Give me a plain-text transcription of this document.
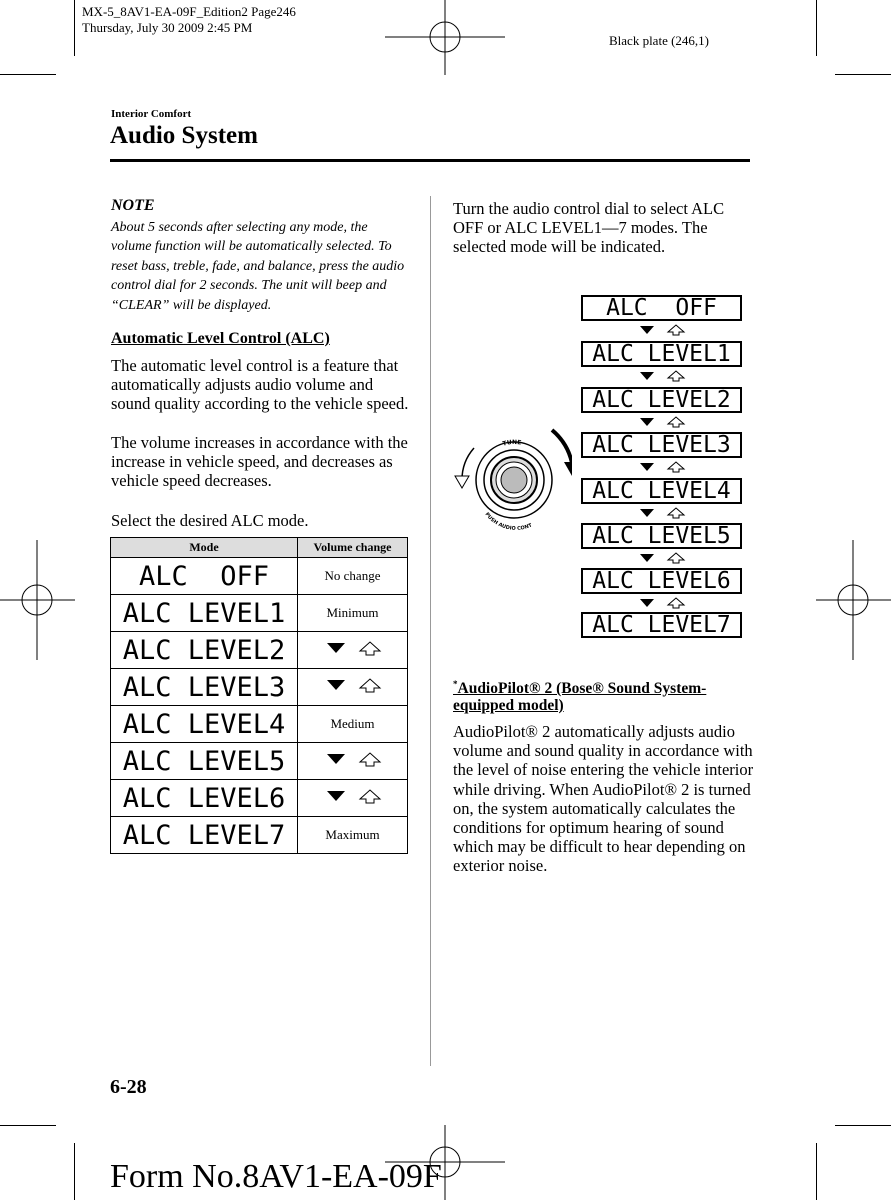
MX-5_8AV1-EA-09F_Edition2 Page246
Thursday, July 30 2009 2:45 PM
Black plate (246,1)
Interior Comfort
Audio System
NOTE
About 5 seconds after selecting any mode, the volume function will be automatically selected. To reset bass, treble, fade, and balance, press the audio control dial for 2 seconds. The unit will beep and “CLEAR” will be displayed.
Automatic Level Control (ALC)
The automatic level control is a feature that automatically adjusts audio volume and sound quality according to the vehicle speed.
The volume increases in accordance with the increase in vehicle speed, and decreases as vehicle speed decreases.
Select the desired ALC mode.
Mode	Volume change
ALC  OFF	No change
ALC LEVEL1	Minimum
ALC LEVEL2	
ALC LEVEL3	
ALC LEVEL4	Medium
ALC LEVEL5	
ALC LEVEL6	
ALC LEVEL7	Maximum
Turn the audio control dial to select ALC OFF or ALC LEVEL1—7 modes. The selected mode will be indicated.
ALC  OFF
ALC LEVEL1
ALC LEVEL2
ALC LEVEL3
ALC LEVEL4
ALC LEVEL5
ALC LEVEL6
ALC LEVEL7
TUNE
PUSH AUDIO CONT
*AudioPilot® 2 (Bose® Sound System-
equipped model)
AudioPilot® 2 automatically adjusts audio volume and sound quality in accordance with the level of noise entering the vehicle interior while driving. When AudioPilot® 2 is turned on, the system automatically calculates the conditions for optimum hearing of sound which may be difficult to hear depending on exterior noise.
6-28
Form No.8AV1-EA-09F
